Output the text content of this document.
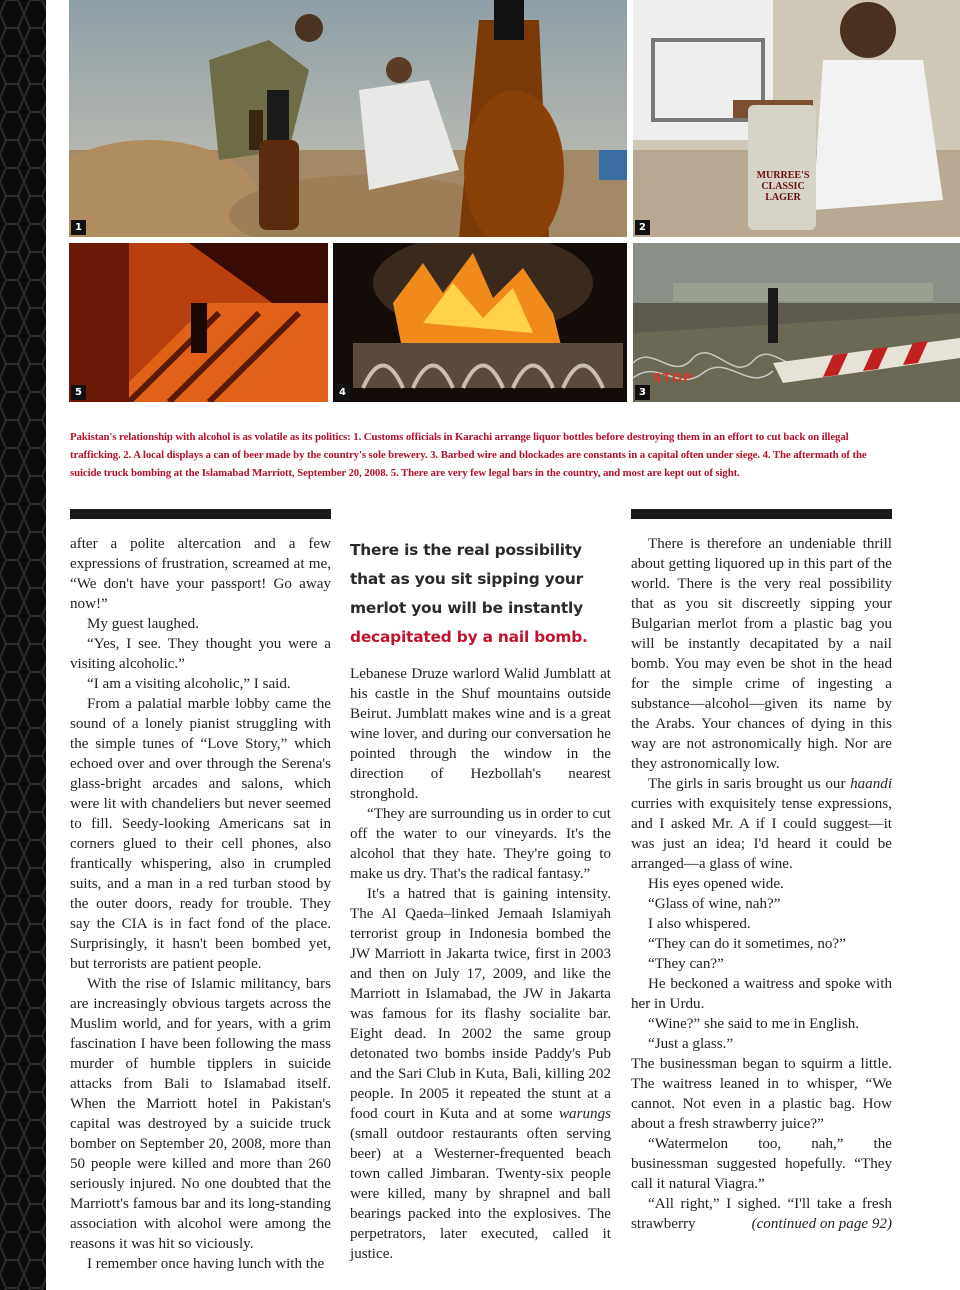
1
MURREE'S
CLASSIC
LAGER
2
5	4
STOP
3
Pakistan's relationship with alcohol is as volatile as its politics: 1. Customs officials in Karachi arrange liquor bottles before destroying them in an effort to cut back on illegal trafficking. 2. A local displays a can of beer made by the country's sole brewery. 3. Barbed wire and blockades are constants in a capital often under siege. 4. The aftermath of the suicide truck bombing at the Islamabad Marriott, September 20, 2008. 5. There are very few legal bars in the country, and most are kept out of sight.

after a polite altercation and a few expressions of frustration, screamed at me, “We don't have your passport! Go away now!”

My guest laughed.

“Yes, I see. They thought you were a visiting alcoholic.”

“I am a visiting alcoholic,” I said.

From a palatial marble lobby came the sound of a lonely pianist struggling with the simple tunes of “Love Story,” which echoed over and over through the Serena's glass-bright arcades and salons, which were lit with chandeliers but never seemed to fill. Seedy-looking Americans sat in corners glued to their cell phones, also frantically whispering, also in crumpled suits, and a man in a red turban stood by the outer doors, ready for trouble. They say the CIA is in fact fond of the place. Surprisingly, it hasn't been bombed yet, but terrorists are patient people.

With the rise of Islamic militancy, bars are increasingly obvious targets across the Muslim world, and for years, with a grim fascination I have been following the mass murder of humble tipplers in suicide attacks from Bali to Islamabad itself. When the Marriott hotel in Pakistan's capital was destroyed by a suicide truck bomber on September 20, 2008, more than 50 people were killed and more than 260 seriously injured. No one doubted that the Marriott's famous bar and its long-standing association with alcohol were among the reasons it was hit so viciously.

I remember once having lunch with the

There is the real possibility
that as you sit sipping your
merlot you will be instantly
decapitated by a nail bomb.

Lebanese Druze warlord Walid Jumblatt at his castle in the Shuf mountains outside Beirut. Jumblatt makes wine and is a great wine lover, and during our conversation he pointed through the window in the direction of Hezbollah's nearest stronghold.

“They are surrounding us in order to cut off the water to our vineyards. It's the alcohol that they hate. They're going to make us dry. That's the radical fantasy.”

It's a hatred that is gaining intensity. The Al Qaeda–linked Jemaah Islamiyah terrorist group in Indonesia bombed the JW Marriott in Jakarta twice, first in 2003 and then on July 17, 2009, and like the Marriott in Islamabad, the JW in Jakarta was famous for its flashy socialite bar. Eight dead. In 2002 the same group detonated two bombs inside Paddy's Pub and the Sari Club in Kuta, Bali, killing 202 people. In 2005 it repeated the stunt at a food court in Kuta and at some warungs (small outdoor restaurants often serving beer) at a Westerner-frequented beach town called Jimbaran. Twenty-six people were killed, many by shrapnel and ball bearings packed into the explosives. The perpetrators, later executed, called it justice.

There is therefore an undeniable thrill about getting liquored up in this part of the world. There is the very real possibility that as you sit discreetly sipping your Bulgarian merlot from a plastic bag you will be instantly decapitated by a nail bomb. You may even be shot in the head for the simple crime of ingesting a substance—alcohol—given its name by the Arabs. Your chances of dying in this way are not astronomically high. Nor are they astronomically low.

The girls in saris brought us our haandi curries with exquisitely tense expressions, and I asked Mr. A if I could suggest—it was just an idea; I'd heard it could be arranged—a glass of wine.

His eyes opened wide.

“Glass of wine, nah?”

I also whispered.

“They can do it sometimes, no?”

“They can?”

He beckoned a waitress and spoke with her in Urdu.

“Wine?” she said to me in English.

“Just a glass.”

The businessman began to squirm a little. The waitress leaned in to whisper, “We cannot. Not even in a plastic bag. How about a fresh strawberry juice?”

“Watermelon too, nah,” the businessman suggested hopefully. “They call it natural Viagra.”

“All right,” I sighed. “I'll take a fresh strawberry	(continued on page 92)
